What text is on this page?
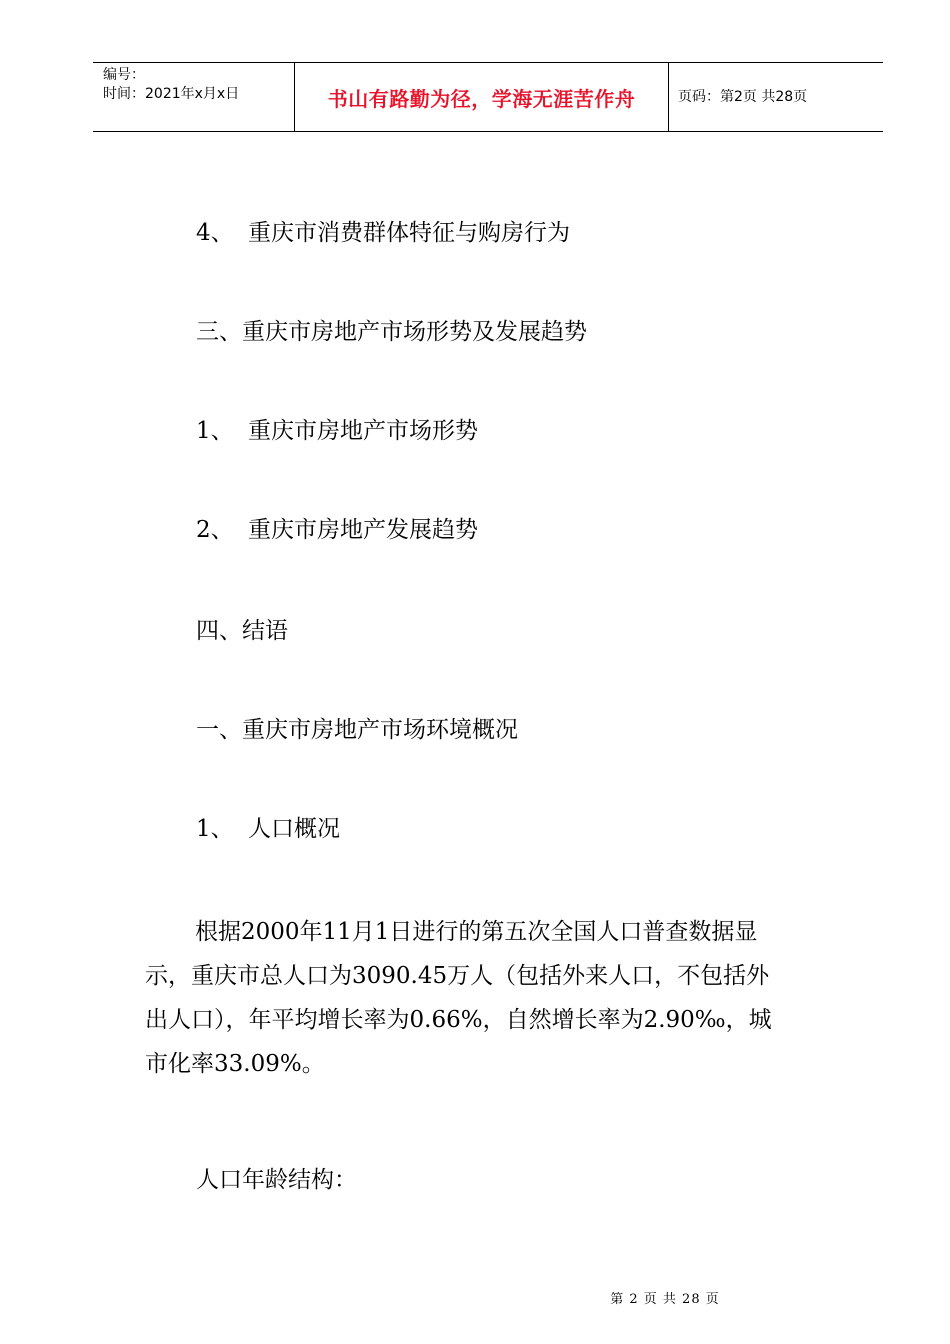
编号：
时间：2021年x月x日	书山有路勤为径，学海无涯苦作舟	页码：第2页 共28页
4、 重庆市消费群体特征与购房行为
三、重庆市房地产市场形势及发展趋势
1、 重庆市房地产市场形势
2、 重庆市房地产发展趋势
四、结语
一、重庆市房地产市场环境概况
1、 人口概况
根据2000年11月1日进行的第五次全国人口普查数据显
示，重庆市总人口为3090.45万人（包括外来人口，不包括外
出人口），年平均增长率为0.66%，自然增长率为2.90‰，城
市化率33.09%。
人口年龄结构：
第 2 页 共 28 页
